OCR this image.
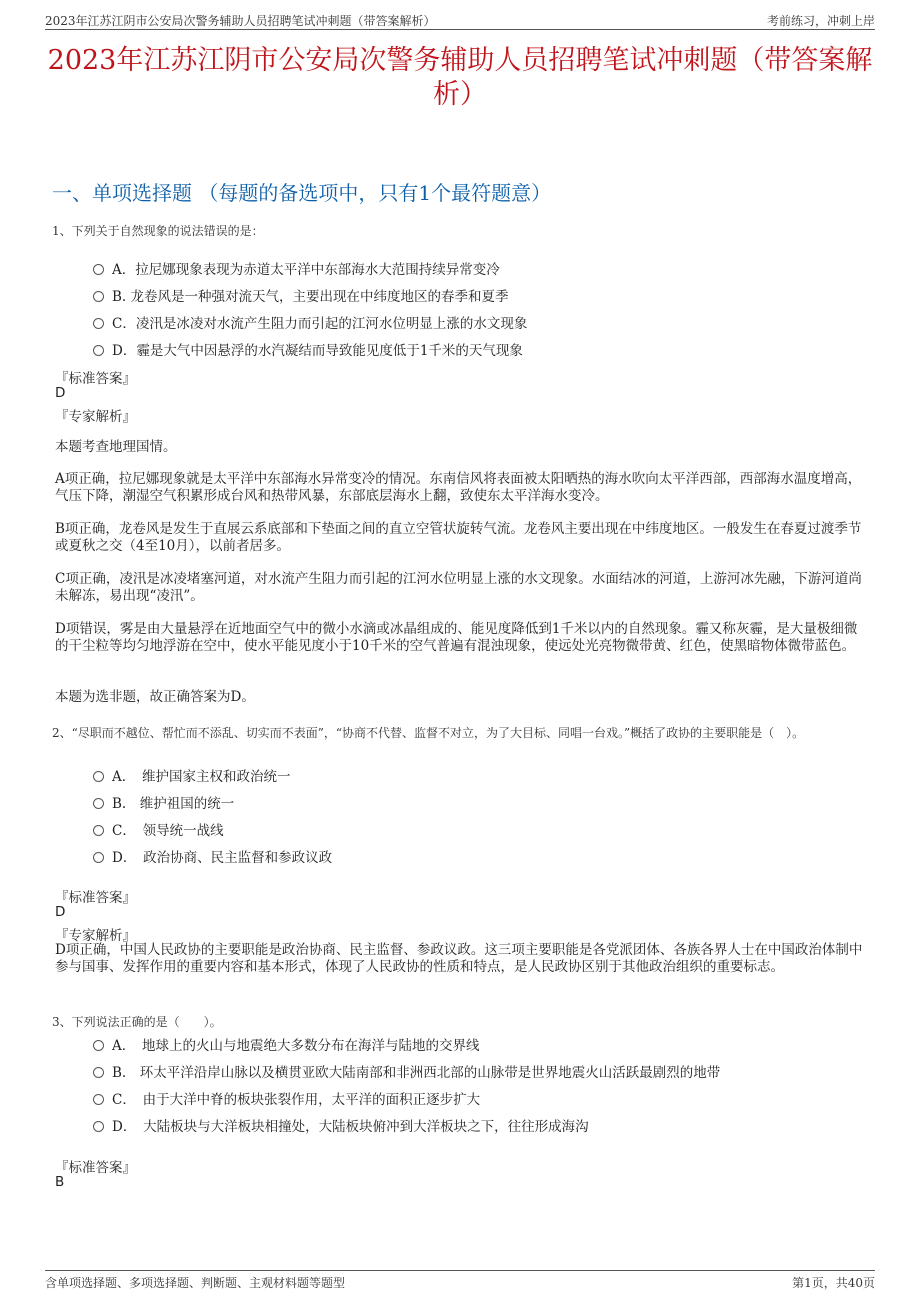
2023年江苏江阴市公安局次警务辅助人员招聘笔试冲刺题（带答案解析）	考前练习，冲刺上岸
2023年江苏江阴市公安局次警务辅助人员招聘笔试冲刺题（带答案解析）
一、单项选择题 （每题的备选项中，只有1个最符题意）
1、下列关于自然现象的说法错误的是：
A．拉尼娜现象表现为赤道太平洋中东部海水大范围持续异常变冷
B. 龙卷风是一种强对流天气，主要出现在中纬度地区的春季和夏季
C．凌汛是冰凌对水流产生阻力而引起的江河水位明显上涨的水文现象
D．霾是大气中因悬浮的水汽凝结而导致能见度低于1千米的天气现象
『标准答案』
D
『专家解析』
本题考查地理国情。
A项正确，拉尼娜现象就是太平洋中东部海水异常变冷的情况。东南信风将表面被太阳晒热的海水吹向太平洋西部，西部海水温度增高，气压下降，潮湿空气积累形成台风和热带风暴，东部底层海水上翻，致使东太平洋海水变冷。
B项正确，龙卷风是发生于直展云系底部和下垫面之间的直立空管状旋转气流。龙卷风主要出现在中纬度地区。一般发生在春夏过渡季节或夏秋之交（4至10月），以前者居多。
C项正确，凌汛是冰凌堵塞河道，对水流产生阻力而引起的江河水位明显上涨的水文现象。水面结冰的河道，上游河冰先融，下游河道尚未解冻，易出现“凌汛”。
D项错误，雾是由大量悬浮在近地面空气中的微小水滴或冰晶组成的、能见度降低到1千米以内的自然现象。霾又称灰霾，是大量极细微的干尘粒等均匀地浮游在空中，使水平能见度小于10千米的空气普遍有混浊现象，使远处光亮物微带黄、红色，使黑暗物体微带蓝色。
本题为选非题，故正确答案为D。
2、“尽职而不越位、帮忙而不添乱、切实而不表面”，“协商不代替、监督不对立，为了大目标、同唱一台戏。”概括了政协的主要职能是（　）。
A．　维护国家主权和政治统一
B.　维护祖国的统一
C．　领导统一战线
D．　政治协商、民主监督和参政议政
『标准答案』
D
『专家解析』
D项正确，中国人民政协的主要职能是政治协商、民主监督、参政议政。这三项主要职能是各党派团体、各族各界人士在中国政治体制中参与国事、发挥作用的重要内容和基本形式，体现了人民政协的性质和特点，是人民政协区别于其他政治组织的重要标志。
3、下列说法正确的是（　　）。
A．　地球上的火山与地震绝大多数分布在海洋与陆地的交界线
B.　环太平洋沿岸山脉以及横贯亚欧大陆南部和非洲西北部的山脉带是世界地震火山活跃最剧烈的地带
C．　由于大洋中脊的板块张裂作用，太平洋的面积正逐步扩大
D．　大陆板块与大洋板块相撞处，大陆板块俯冲到大洋板块之下，往往形成海沟
『标准答案』
B
含单项选择题、多项选择题、判断题、主观材料题等题型	第1页，共40页
